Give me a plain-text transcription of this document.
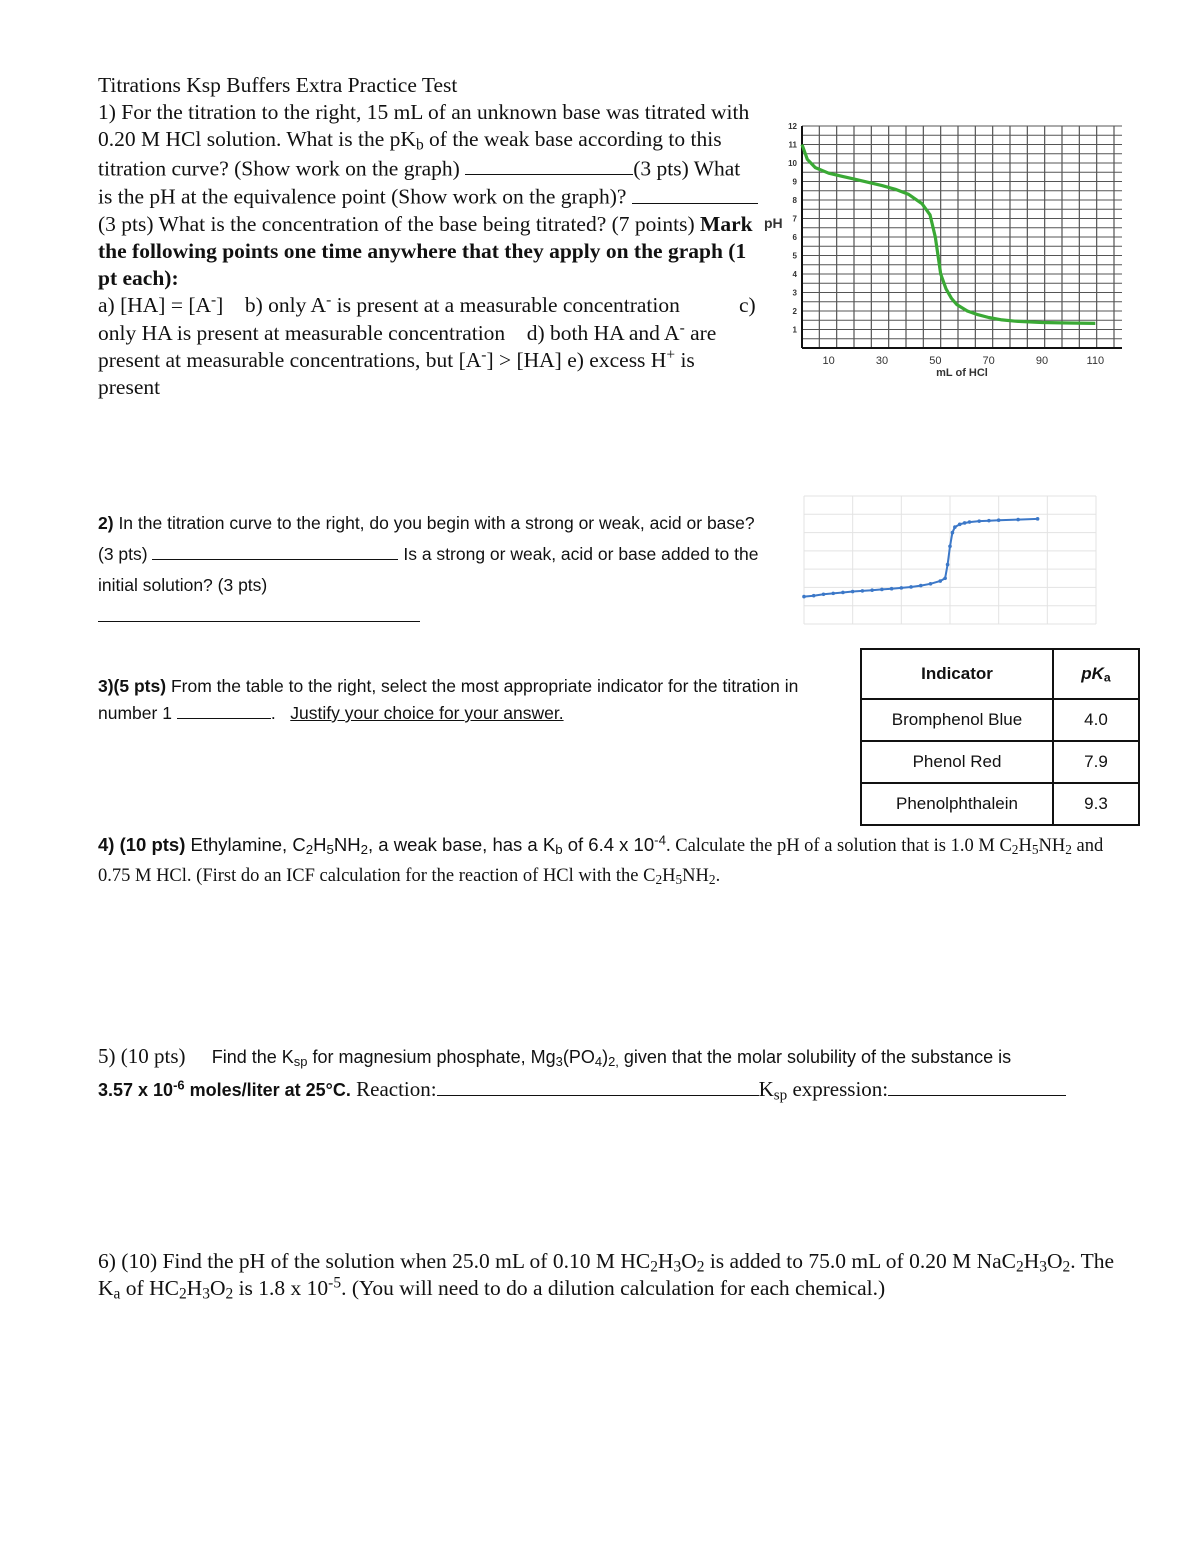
Titrations Ksp Buffers Extra Practice Test
1) For the titration to the right, 15 mL of an unknown base was titrated with 0.20 M HCl solution. What is the $pK_b$ of the weak base according to this titration curve? (Show work on the graph)	(3 pts) What is the pH at the equivalence point (Show work on the graph)?  (3 pts) What is the concentration of the base being titrated? (7 points) Mark the following points one time anywhere that they apply on the graph (1 pt each):
a) [HA] = [A-] b) only A- is present at a measurable concentration	c) only HA is present at measurable concentration d) both HA and A- are present at measurable concentrations, but [A-] > [HA] e) excess H+ is present
1
2
3
4
5
6
7
8
9
10
11
12
10	30	50	70	90	110
pH
mL of HCl
2) In the titration curve to the right, do you begin with a strong or weak, acid or base? (3 pts)	Is a strong or weak, acid or base added to the initial solution? (3 pts)

3)(5 pts) From the table to the right, select the most appropriate indicator for the titration in number 1	.   Justify your choice for your answer.
Indicator	$pK_a$
Bromphenol Blue	4.0
Phenol Red	7.9
Phenolphthalein	9.3
4) (10 pts) Ethylamine, $C_2H_5NH_2$, a weak base, has a $K_b$ of 6.4 x $10^{-4}$. Calculate the pH of a solution that is 1.0 M $C_2H_5NH_2$ and 0.75 M HCl. (First do an ICF calculation for the reaction of HCl with the $C_2H_5NH_2$.
5) (10 pts) Find the $K_{sp}$ for magnesium phosphate, $Mg_3(PO_4)_{2,}$ given that the molar solubility of the substance is
3.57 x $10^{-6}$ moles/liter at 25°C. Reaction:	$K_{sp}$ expression:
6) (10) Find the pH of the solution when 25.0 mL of 0.10 M $HC_2H_3O_2$ is added to 75.0 mL of 0.20 M $NaC_2H_3O_2$. The $K_a$ of $HC_2H_3O_2$ is 1.8 x $10^{-5}$. (You will need to do a dilution calculation for each chemical.)
